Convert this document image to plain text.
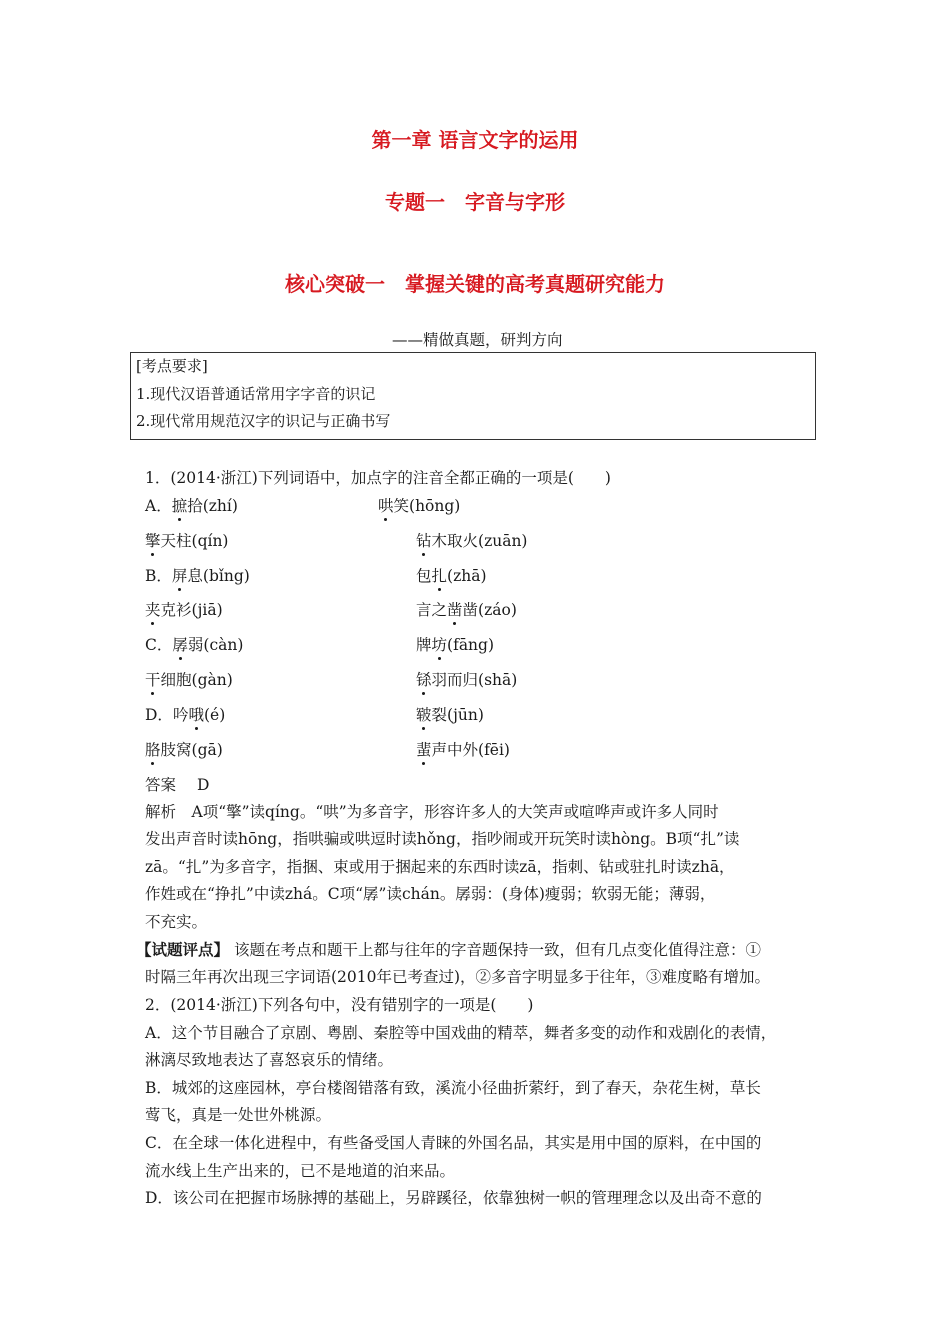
第一章 语言文字的运用
专题一　字音与字形
核心突破一　掌握关键的高考真题研究能力
——精做真题，研判方向
[考点要求]
1.现代汉语普通话常用字字音的识记
2.现代常用规范汉字的识记与正确书写
1．(2014·浙江)下列词语中，加点字的注音全都正确的一项是(　　)
A．摭拾(zhí)	哄笑(hōng)
擎天柱(qín)	钻木取火(zuān)
B．屏息(bǐng)	包扎(zhā)
夹克衫(jiā)	言之凿凿(záo)
C．孱弱(càn)	牌坊(fāng)
干细胞(gàn)	铩羽而归(shā)
D．吟哦(é)	皲裂(jūn)
胳肢窝(gā)	蜚声中外(fēi)
答案 D
解析　A项“擎”读qíng。“哄”为多音字，形容许多人的大笑声或喧哗声或许多人同时
发出声音时读hōng，指哄骗或哄逗时读hǒng，指吵闹或开玩笑时读hòng。B项“扎”读
zā。“扎”为多音字，指捆、束或用于捆起来的东西时读zā，指刺、钻或驻扎时读zhā，
作姓或在“挣扎”中读zhá。C项“孱”读chán。孱弱：(身体)瘦弱；软弱无能；薄弱，
不充实。
【试题评点】 该题在考点和题干上都与往年的字音题保持一致，但有几点变化值得注意：①
时隔三年再次出现三字词语(2010年已考查过)，②多音字明显多于往年，③难度略有增加。
2．(2014·浙江)下列各句中，没有错别字的一项是(　　)
A．这个节目融合了京剧、粤剧、秦腔等中国戏曲的精萃，舞者多变的动作和戏剧化的表情，
淋漓尽致地表达了喜怒哀乐的情绪。
B．城郊的这座园林，亭台楼阁错落有致，溪流小径曲折萦纡，到了春天，杂花生树，草长
莺飞，真是一处世外桃源。
C．在全球一体化进程中，有些备受国人青睐的外国名品，其实是用中国的原料，在中国的
流水线上生产出来的，已不是地道的泊来品。
D．该公司在把握市场脉搏的基础上，另辟蹊径，依靠独树一帜的管理理念以及出奇不意的
